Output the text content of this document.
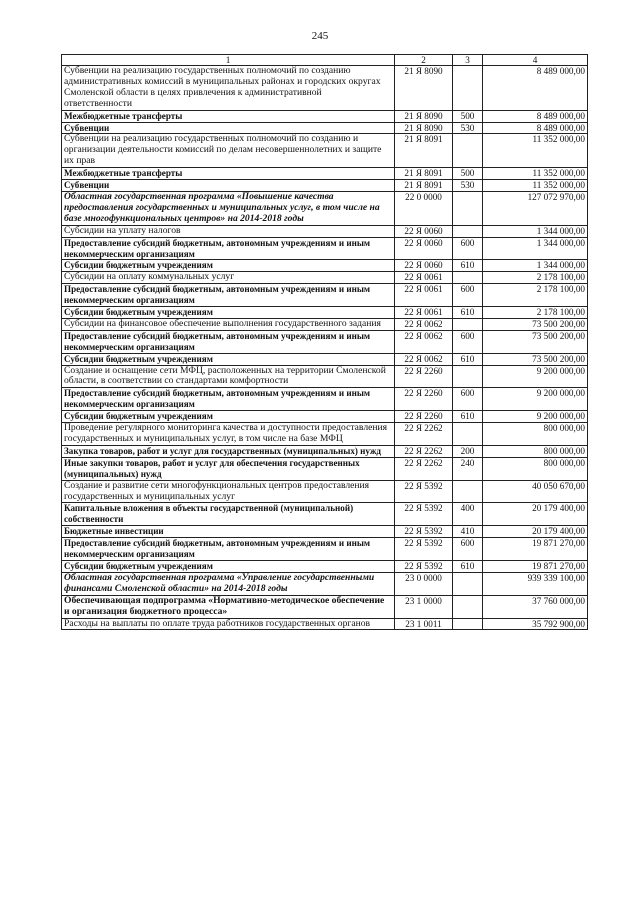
245
1	2	3	4
Субвенции на реализацию государственных полномочий по созданию административных комиссий в муниципальных районах и городских округах Смоленской области в целях привлечения к административной ответственности	21 Я 8090		8 489 000,00
Межбюджетные трансферты	21 Я 8090	500	8 489 000,00
Субвенции	21 Я 8090	530	8 489 000,00
Субвенции на реализацию государственных полномочий по созданию и организации деятельности комиссий по делам несовершеннолетних и защите их прав	21 Я 8091		11 352 000,00
Межбюджетные трансферты	21 Я 8091	500	11 352 000,00
Субвенции	21 Я 8091	530	11 352 000,00
Областная государственная программа «Повышение качества предоставления государственных и муниципальных услуг, в том числе на базе многофункциональных центров» на 2014-2018 годы	22 0 0000		127 072 970,00
Субсидии на уплату налогов	22 Я 0060		1 344 000,00
Предоставление субсидий бюджетным, автономным учреждениям и иным некоммерческим организациям	22 Я 0060	600	1 344 000,00
Субсидии бюджетным учреждениям	22 Я 0060	610	1 344 000,00
Субсидии на оплату коммунальных услуг	22 Я 0061		2 178 100,00
Предоставление субсидий бюджетным, автономным учреждениям и иным некоммерческим организациям	22 Я 0061	600	2 178 100,00
Субсидии бюджетным учреждениям	22 Я 0061	610	2 178 100,00
Субсидии на финансовое обеспечение выполнения государственного задания	22 Я 0062		73 500 200,00
Предоставление субсидий бюджетным, автономным учреждениям и иным некоммерческим организациям	22 Я 0062	600	73 500 200,00
Субсидии бюджетным учреждениям	22 Я 0062	610	73 500 200,00
Создание и оснащение сети МФЦ, расположенных на территории Смоленской области, в соответствии со стандартами комфортности	22 Я 2260		9 200 000,00
Предоставление субсидий бюджетным, автономным учреждениям и иным некоммерческим организациям	22 Я 2260	600	9 200 000,00
Субсидии бюджетным учреждениям	22 Я 2260	610	9 200 000,00
Проведение регулярного мониторинга качества и доступности предоставления государственных и муниципальных услуг, в том числе на базе МФЦ	22 Я 2262		800 000,00
Закупка товаров, работ и услуг для государственных (муниципальных) нужд	22 Я 2262	200	800 000,00
Иные закупки товаров, работ и услуг для обеспечения государственных (муниципальных) нужд	22 Я 2262	240	800 000,00
Создание и развитие сети многофункциональных центров предоставления государственных и муниципальных услуг	22 Я 5392		40 050 670,00
Капитальные вложения в объекты государственной (муниципальной) собственности	22 Я 5392	400	20 179 400,00
Бюджетные инвестиции	22 Я 5392	410	20 179 400,00
Предоставление субсидий бюджетным, автономным учреждениям и иным некоммерческим организациям	22 Я 5392	600	19 871 270,00
Субсидии бюджетным учреждениям	22 Я 5392	610	19 871 270,00
Областная государственная программа «Управление государственными финансами Смоленской области» на 2014-2018 годы	23 0 0000		939 339 100,00
Обеспечивающая подпрограмма «Нормативно-методическое обеспечение и организация бюджетного процесса»	23 1 0000		37 760 000,00
Расходы на выплаты по оплате труда работников государственных органов	23 1 0011		35 792 900,00
